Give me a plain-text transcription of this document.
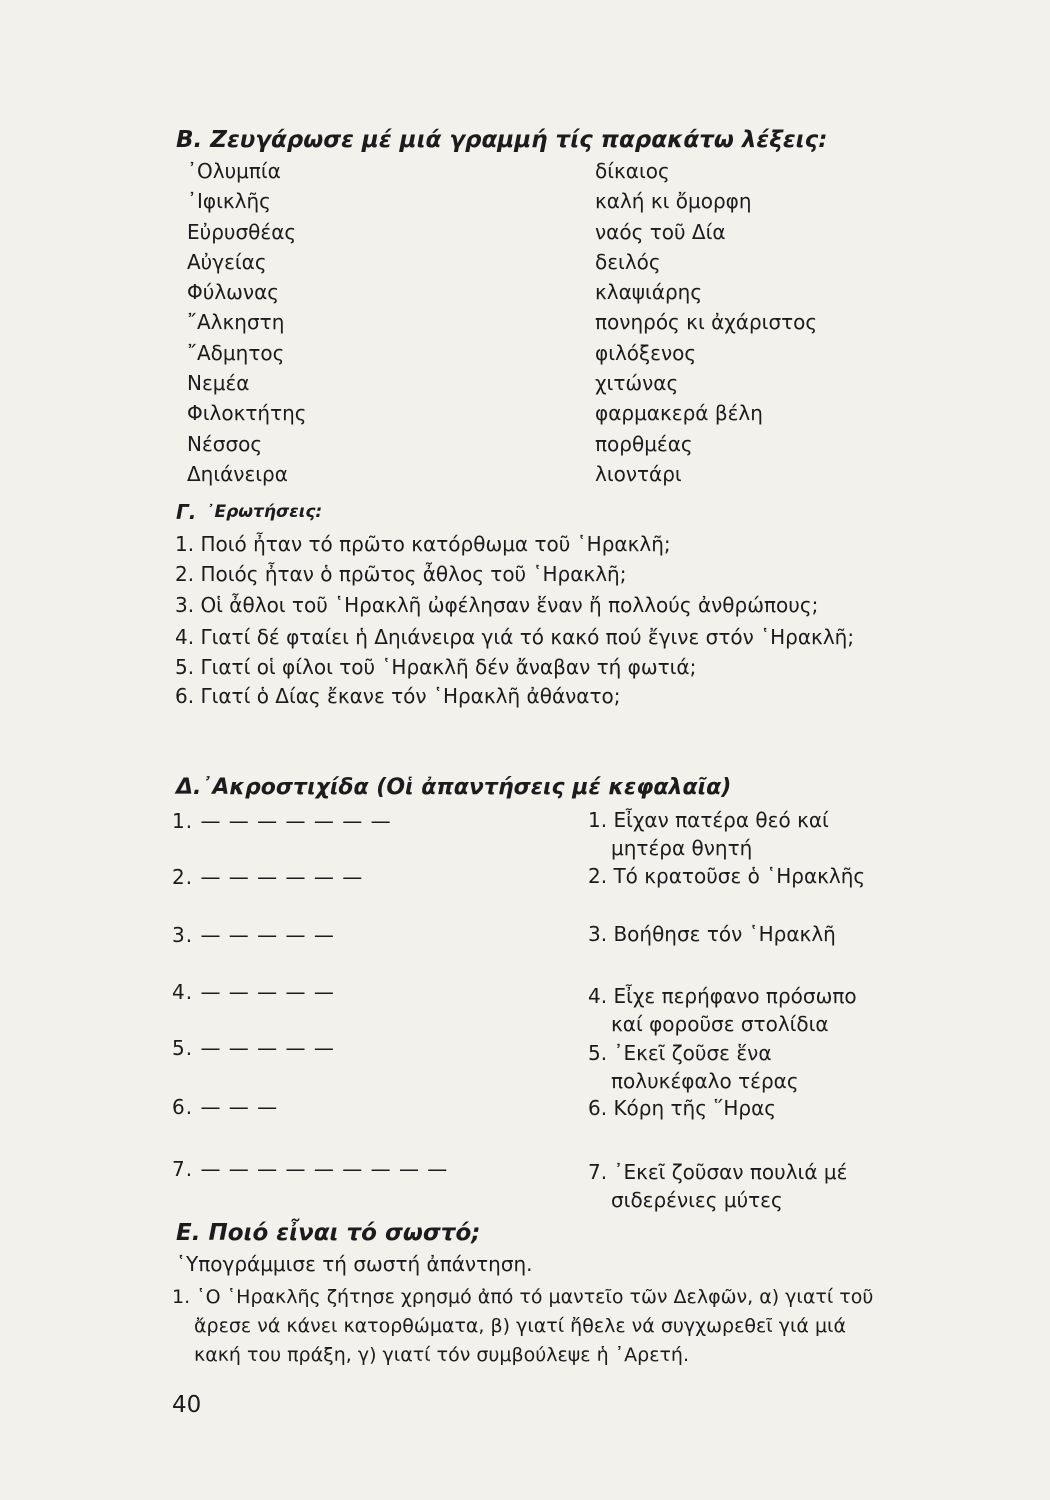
Β. Ζευγάρωσε μέ μιά γραμμή τίς παρακάτω λέξεις:
᾽Ολυμπία
᾽Ιφικλῆς
Εὐρυσθέας
Αὐγείας
Φύλωνας
῎Αλκηστη
῎Αδμητος
Νεμέα
Φιλοκτήτης
Νέσσος
Δηιάνειρα
δίκαιος
καλή κι ὄμορφη
ναός τοῦ Δία
δειλός
κλαψιάρης
πονηρός κι ἀχάριστος
φιλόξενος
χιτώνας
φαρμακερά βέλη
πορθμέας
λιοντάρι
Γ. ᾽Ερωτήσεις:
1. Ποιό ἦταν τό πρῶτο κατόρθωμα τοῦ ῾Ηρακλῆ;
2. Ποιός ἦταν ὁ πρῶτος ἆθλος τοῦ ῾Ηρακλῆ;
3. Οἱ ἆθλοι τοῦ ῾Ηρακλῆ ὠφέλησαν ἕναν ἤ πολλούς ἀνθρώπους;
4. Γιατί δέ φταίει ἡ Δηιάνειρα γιά τό κακό πού ἔγινε στόν ῾Ηρακλῆ;
5. Γιατί οἱ φίλοι τοῦ ῾Ηρακλῆ δέν ἄναβαν τή φωτιά;
6. Γιατί ὁ Δίας ἔκανε τόν ῾Ηρακλῆ ἀθάνατο;
Δ.᾽Ακροστιχίδα (Οἱ ἀπαντήσεις μέ κεφαλαῖα)
1. — — — — — — —
2. — — — — — —
3. — — — — —
4. — — — — —
5. — — — — —
6. — — —
7. — — — — — — — — —
1. Εἶχαν πατέρα θεό καί
μητέρα θνητή
2. Τό κρατοῦσε ὁ ῾Ηρακλῆς
3. Βοήθησε τόν ῾Ηρακλῆ
4. Εἶχε περήφανο πρόσωπο
καί φοροῦσε στολίδια
5. ᾽Εκεῖ ζοῦσε ἕνα
πολυκέφαλο τέρας
6. Κόρη τῆς ῞Ηρας
7. ᾽Εκεῖ ζοῦσαν πουλιά μέ
σιδερένιες μύτες
Ε. Ποιό εἶναι τό σωστό;
῾Υπογράμμισε τή σωστή ἀπάντηση.
1. ῾Ο ῾Ηρακλῆς ζήτησε χρησμό ἀπό τό μαντεῖο τῶν Δελφῶν, α) γιατί τοῦ
ἄρεσε νά κάνει κατορθώματα, β) γιατί ἤθελε νά συγχωρεθεῖ γιά μιά
κακή του πράξη, γ) γιατί τόν συμβούλεψε ἡ ᾽Αρετή.
40
